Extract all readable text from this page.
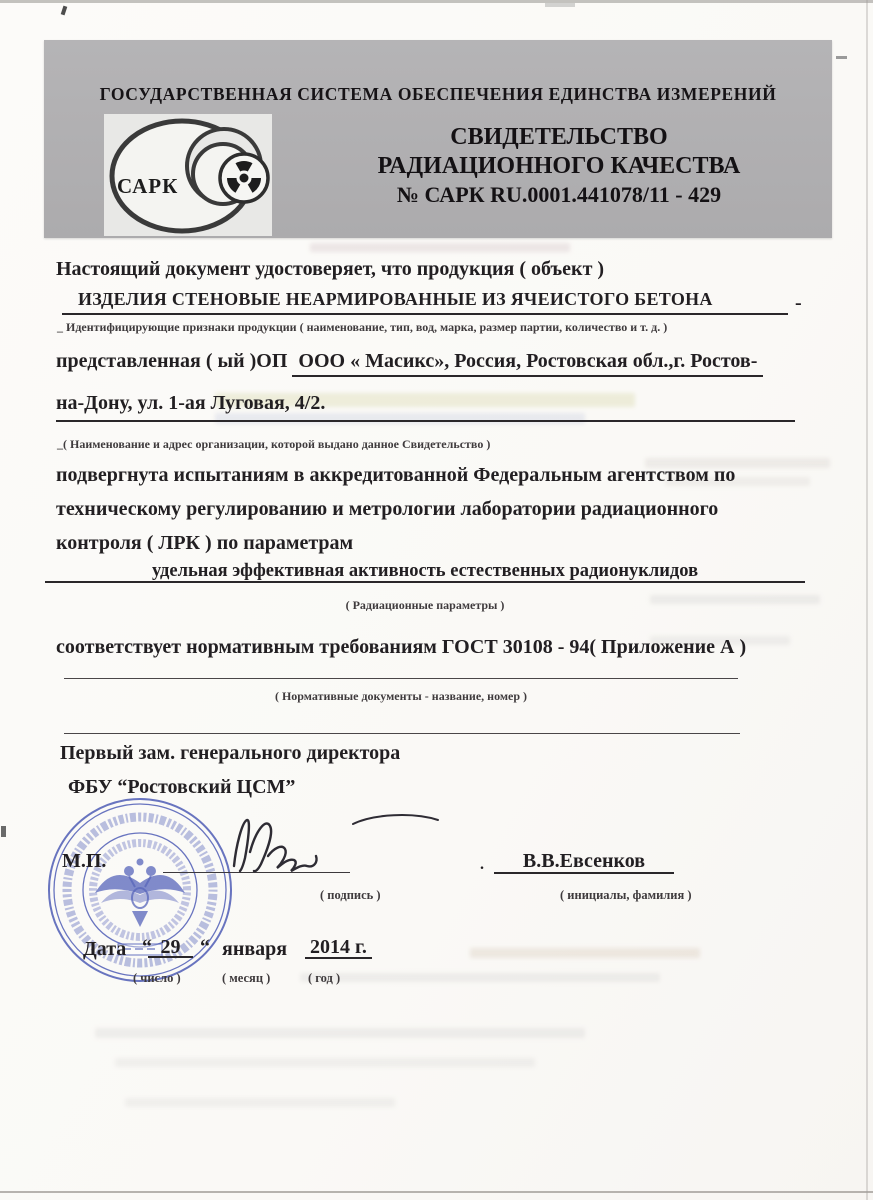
ГОСУДАРСТВЕННАЯ СИСТЕМА ОБЕСПЕЧЕНИЯ ЕДИНСТВА ИЗМЕРЕНИЙ
САРК
СВИДЕТЕЛЬСТВО
РАДИАЦИОННОГО КАЧЕСТВА
№ САРК RU.0001.441078/11 - 429
Настоящий документ удостоверяет, что продукция ( объект )
ИЗДЕЛИЯ СТЕНОВЫЕ НЕАРМИРОВАННЫЕ ИЗ ЯЧЕИСТОГО БЕТОНА	-
_ Идентифицирующие признаки продукции ( наименование, тип, вод, марка, размер партии, количество и т. д. )
представленная ( ый )ОП ООО « Масикс», Россия, Ростовская обл.,г. Ростов-
на-Дону, ул. 1-ая Луговая, 4/2.
_( Наименование и адрес организации, которой выдано данное Свидетельство )
подвергнута испытаниям в аккредитованной Федеральным агентством по
техническому регулированию и метрологии лаборатории радиационного
контроля ( ЛРК ) по параметрам
удельная эффективная активность естественных радионуклидов
( Радиационные параметры )
соответствует нормативным требованиям ГОСТ 30108 - 94( Приложение А )
( Нормативные документы - название, номер )
Первый зам. генерального директора
ФБУ “Ростовский ЦСМ”
М.П.
( подпись )
.	В.В.Евсенков
( инициалы, фамилия )
Дата “ 29 “ января 2014 г.
( число )	( месяц )	( год )
